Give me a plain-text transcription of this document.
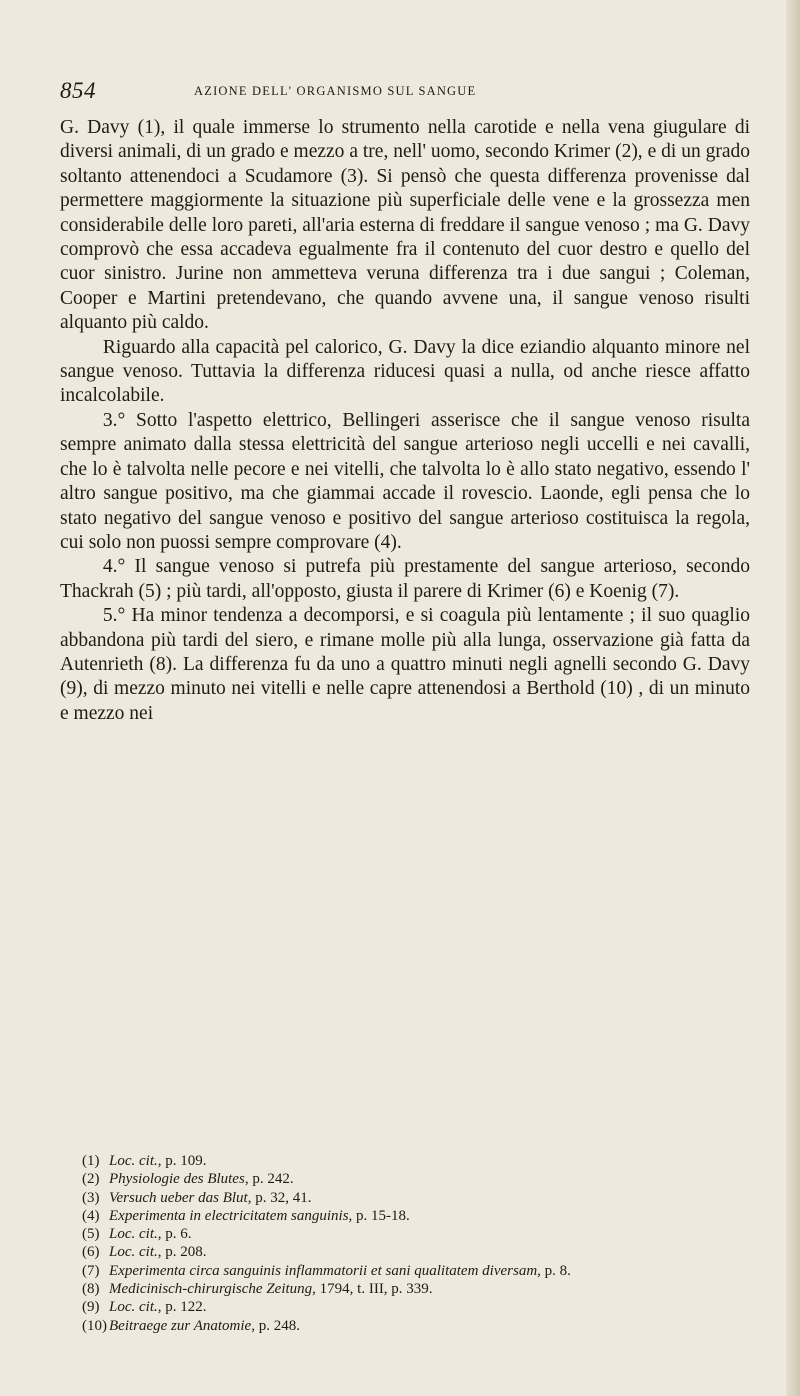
854	AZIONE DELL' ORGANISMO SUL SANGUE

G. Davy (1), il quale immerse lo strumento nella carotide e nella vena giugulare di diversi animali, di un grado e mezzo a tre, nell' uomo, secondo Krimer (2), e di un grado soltanto attenendoci a Scudamore (3). Si pensò che questa differenza provenisse dal permettere maggiormente la situazione più superficiale delle vene e la grossezza men considerabile delle loro pareti, all'aria esterna di freddare il sangue venoso ; ma G. Davy comprovò che essa accadeva egualmente fra il contenuto del cuor destro e quello del cuor sinistro. Jurine non ammetteva veruna differenza tra i due sangui ; Coleman, Cooper e Martini pretendevano, che quando avvene una, il sangue venoso risulti alquanto più caldo.

Riguardo alla capacità pel calorico, G. Davy la dice eziandio alquanto minore nel sangue venoso. Tuttavia la differenza riducesi quasi a nulla, od anche riesce affatto incalcolabile.

3.° Sotto l'aspetto elettrico, Bellingeri asserisce che il sangue venoso risulta sempre animato dalla stessa elettricità del sangue arterioso negli uccelli e nei cavalli, che lo è talvolta nelle pecore e nei vitelli, che talvolta lo è allo stato negativo, essendo l' altro sangue positivo, ma che giammai accade il rovescio. Laonde, egli pensa che lo stato negativo del sangue venoso e positivo del sangue arterioso costituisca la regola, cui solo non puossi sempre comprovare (4).

4.° Il sangue venoso si putrefa più prestamente del sangue arterioso, secondo Thackrah (5) ; più tardi, all'opposto, giusta il parere di Krimer (6) e Koenig (7).

5.° Ha minor tendenza a decomporsi, e si coagula più lentamente ; il suo quaglio abbandona più tardi del siero, e rimane molle più alla lunga, osservazione già fatta da Autenrieth (8). La differenza fu da uno a quattro minuti negli agnelli secondo G. Davy (9), di mezzo minuto nei vitelli e nelle capre attenendosi a Berthold (10) , di un minuto e mezzo nei

(1) Loc. cit., p. 109.
(2) Physiologie des Blutes, p. 242.
(3) Versuch ueber das Blut, p. 32, 41.
(4) Experimenta in electricitatem sanguinis, p. 15-18.
(5) Loc. cit., p. 6.
(6) Loc. cit., p. 208.
(7) Experimenta circa sanguinis inflammatorii et sani qualitatem diversam, p. 8.
(8) Medicinisch-chirurgische Zeitung, 1794, t. III, p. 339.
(9) Loc. cit., p. 122.
(10) Beitraege zur Anatomie, p. 248.
